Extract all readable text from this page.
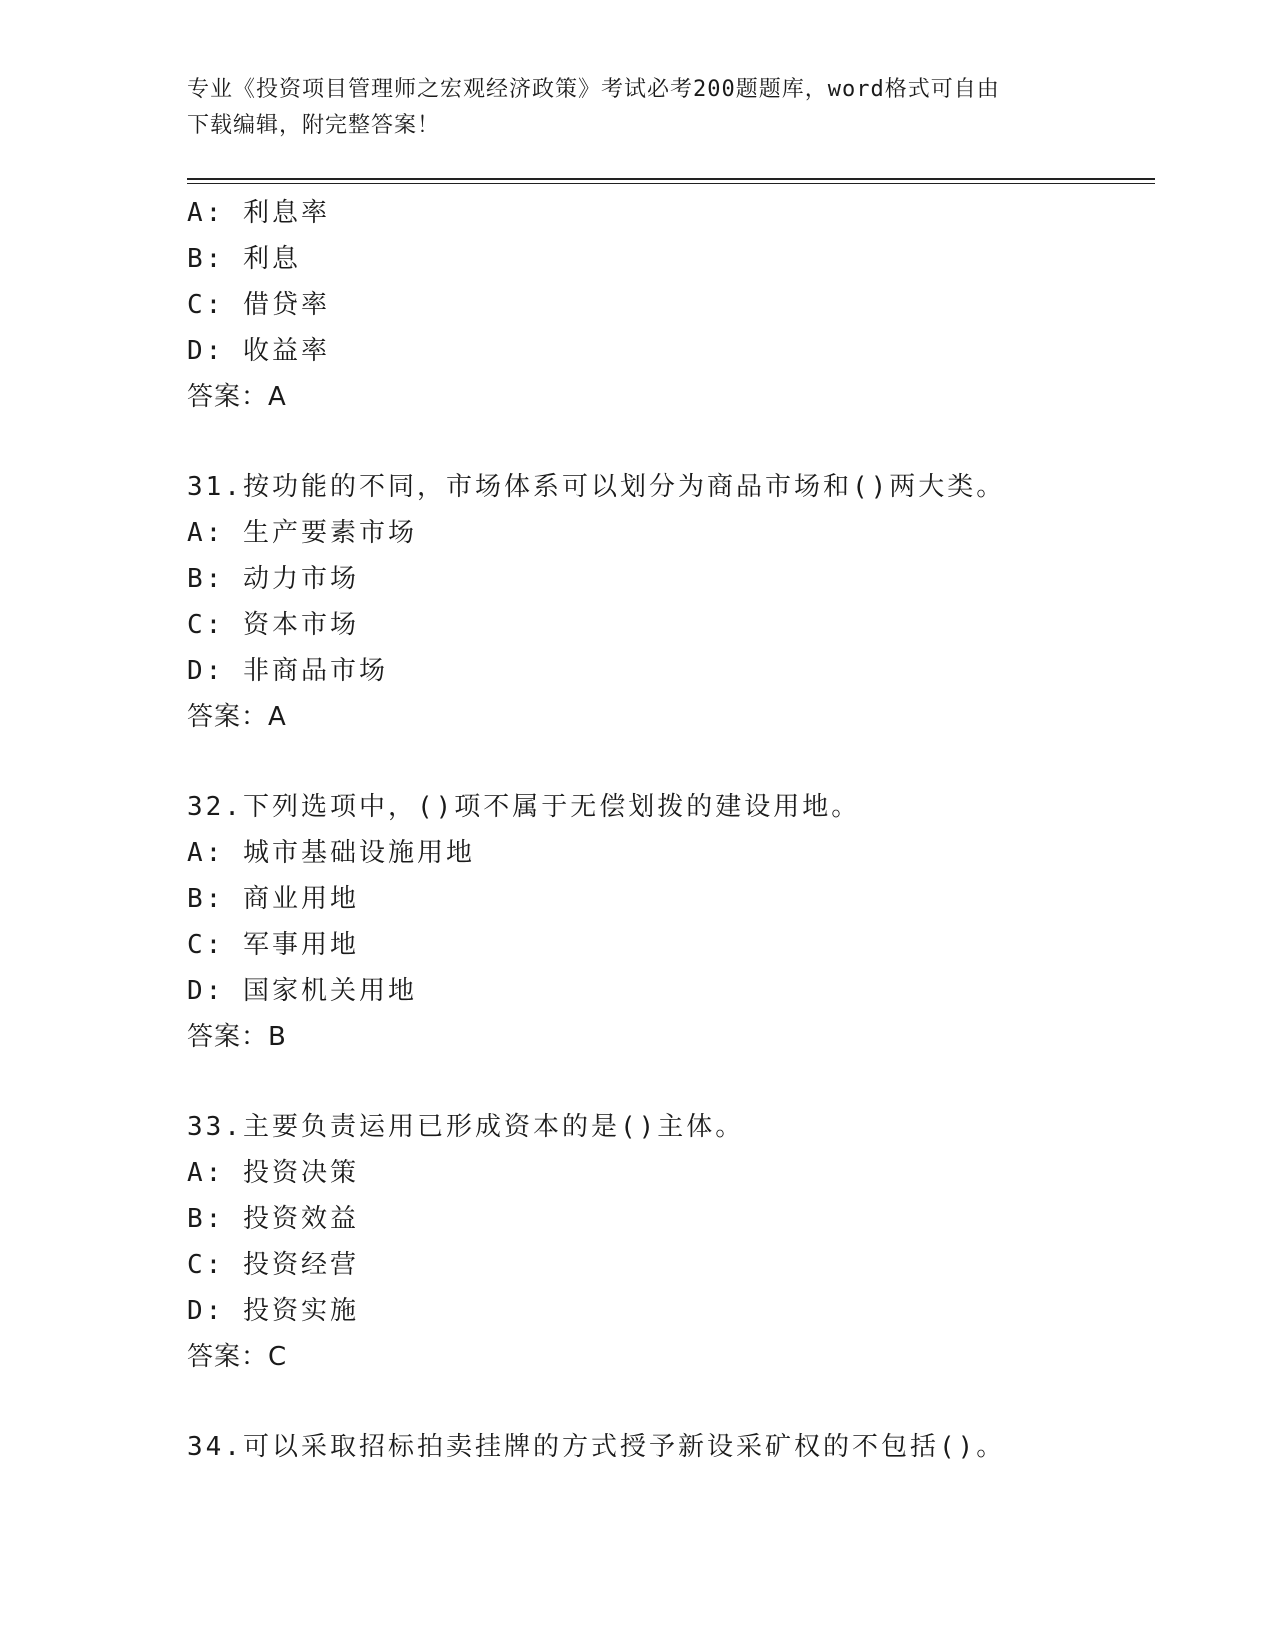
专业《投资项目管理师之宏观经济政策》考试必考200题题库，word格式可自由
下载编辑，附完整答案！
A: 利息率
B: 利息
C: 借贷率
D: 收益率
答案：A
31.按功能的不同，市场体系可以划分为商品市场和()两大类。
A: 生产要素市场
B: 动力市场
C: 资本市场
D: 非商品市场
答案：A
32.下列选项中，()项不属于无偿划拨的建设用地。
A: 城市基础设施用地
B: 商业用地
C: 军事用地
D: 国家机关用地
答案：B
33.主要负责运用已形成资本的是()主体。
A: 投资决策
B: 投资效益
C: 投资经营
D: 投资实施
答案：C
34.可以采取招标拍卖挂牌的方式授予新设采矿权的不包括()。
